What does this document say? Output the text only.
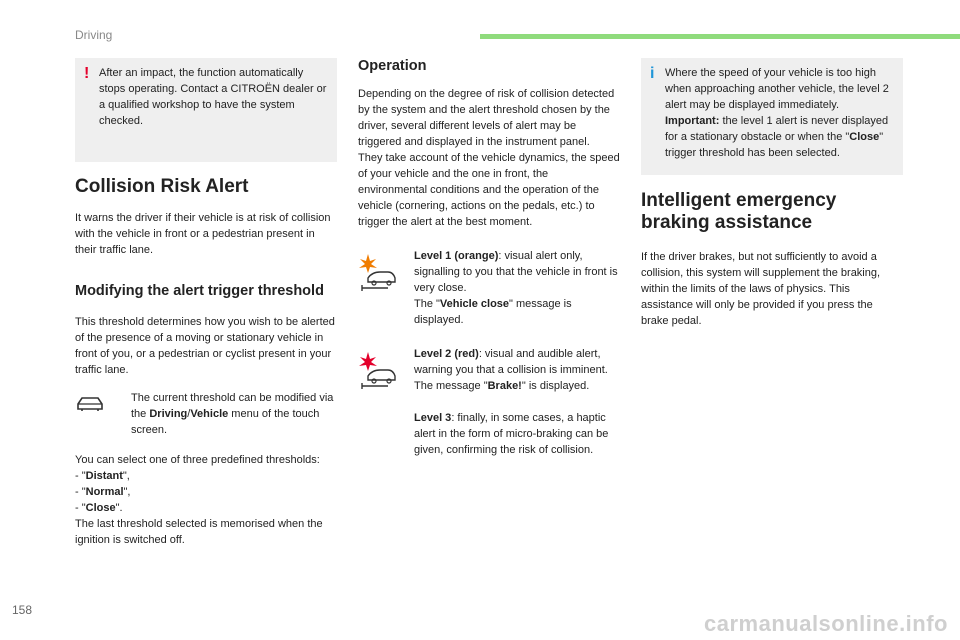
Driving
! After an impact, the function automatically stops operating. Contact a CITROËN dealer or a qualified workshop to have the system checked.

Collision Risk Alert

It warns the driver if their vehicle is at risk of collision with the vehicle in front or a pedestrian present in their traffic lane.

Modifying the alert trigger threshold

This threshold determines how you wish to be alerted of the presence of a moving or stationary vehicle in front of you, or a pedestrian or cyclist present in your traffic lane.

The current threshold can be modified via the Driving/Vehicle menu of the touch screen.

You can select one of three predefined thresholds:

- "Distant",

- "Normal",

- "Close".

The last threshold selected is memorised when the ignition is switched off.

Operation

Depending on the degree of risk of collision detected by the system and the alert threshold chosen by the driver, several different levels of alert may be triggered and displayed in the instrument panel.

They take account of the vehicle dynamics, the speed of your vehicle and the one in front, the environmental conditions and the operation of the vehicle (cornering, actions on the pedals, etc.) to trigger the alert at the best moment.

Level 1 (orange): visual alert only, signalling to you that the vehicle in front is very close.

The "Vehicle close" message is displayed.

Level 2 (red): visual and audible alert, warning you that a collision is imminent.

The message "Brake!" is displayed.

Level 3: finally, in some cases, a haptic alert in the form of micro-braking can be given, confirming the risk of collision.

i Where the speed of your vehicle is too high when approaching another vehicle, the level 2 alert may be displayed immediately.
Important: the level 1 alert is never displayed for a stationary obstacle or when the "Close" trigger threshold has been selected.

Intelligent emergency braking assistance

If the driver brakes, but not sufficiently to avoid a collision, this system will supplement the braking, within the limits of the laws of physics. This assistance will only be provided if you press the brake pedal.

158
carmanualsonline.info
